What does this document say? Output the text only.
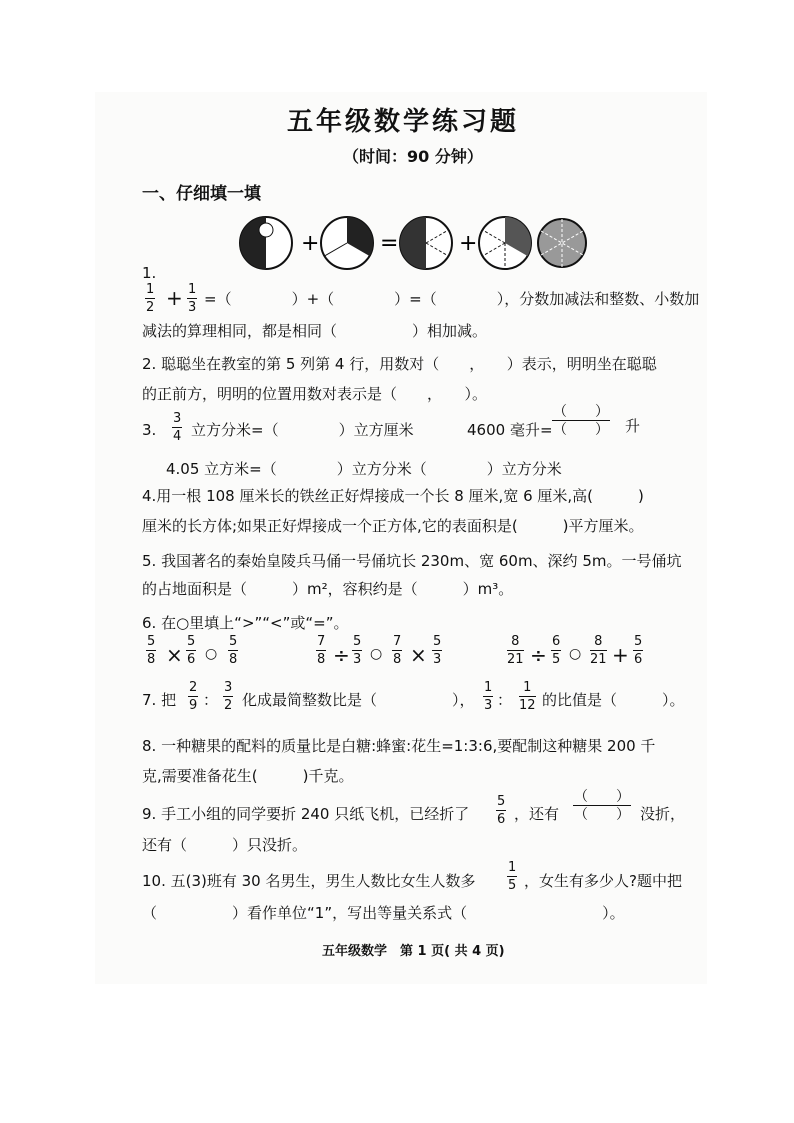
五年级数学练习题
（时间：90 分钟）
一、仔细填一填
+	=	+
1.
1
2 + 1
3 =（　　　　）+（　　　　）=（　　　　），分数加减法和整数、小数加
减法的算理相同，都是相同（　　　　　）相加减。
2. 聪聪坐在教室的第 5 列第 4 行，用数对（　　，　　）表示，明明坐在聪聪
的正前方，明明的位置用数对表示是（　　，　　）。
3.
3
4 立方分米=（　　　　）立方厘米	4600 毫升=
（　　）
（　　） 升
4.05 立方米=（　　　　）立方分米（　　　　）立方分米
4.用一根 108 厘米长的铁丝正好焊接成一个长 8 厘米,宽 6 厘米,高(　　　)
厘米的长方体;如果正好焊接成一个正方体,它的表面积是(　　　)平方厘米。
5. 我国著名的秦始皇陵兵马俑一号俑坑长 230m、宽 60m、深约 5m。一号俑坑
的占地面积是（　　　）m²，容积约是（　　　）m³。
6. 在○里填上“>”“<”或“=”。
5
8 ×
5
6 ○
5
8
7
8 ÷
5
3 ○
7
8 ×
5
3
8
21 ÷
6
5 ○
8
21 +
5
6
7. 把
2
9 ：
3
2 化成最简整数比是（　　　　　），
1
3 ：
1
12 的比值是（　　　）。
8. 一种糖果的配料的质量比是白糖:蜂蜜:花生=1:3:6,要配制这种糖果 200 千
克,需要准备花生(　　　)千克。
9. 手工小组的同学要折 240 只纸飞机，已经折了
5
6 ，还有
（　　）
（　　） 没折，
还有（　　　）只没折。
10. 五(3)班有 30 名男生，男生人数比女生人数多
1
5 ，女生有多少人?题中把
（　　　　　）看作单位“1”，写出等量关系式（　　　　　　　　　）。
五年级数学　第 1 页( 共 4 页)
